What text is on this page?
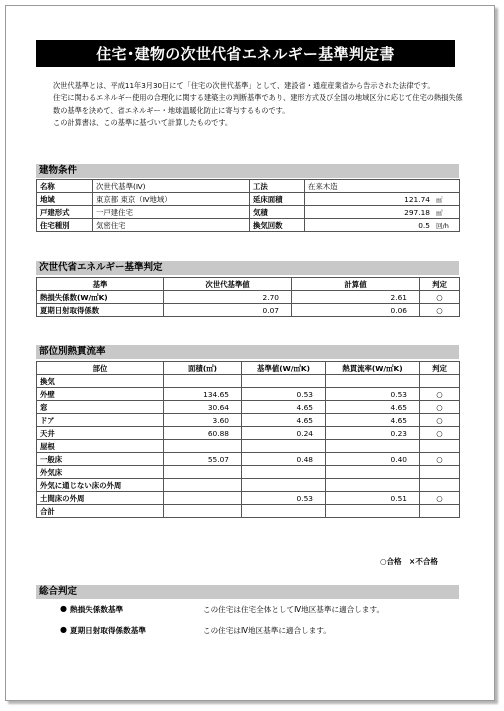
住宅･建物の次世代省エネルギー基準判定書
次世代基準とは、平成11年3月30日にて「住宅の次世代基準」として、建設省・通産産業省から告示された法律です。
住宅に関わるエネルギー使用の合理化に関する建築主の判断基準であり、建形方式及び全国の地域区分に応じて住宅の熱損失係数の基準を決めて、省エネルギー・地球温暖化防止に寄与するものです。
この計算書は、この基準に基づいて計算したものです。
建物条件
名称	次世代基準(Ⅳ)	工法	在来木造
地域	東京都 東京（Ⅳ地域）	延床面積	121.74 ㎡
戸建形式	一戸建住宅	気積	297.18 ㎥
住宅種別	気密住宅	換気回数	0.5 回/h
次世代省エネルギー基準判定
基準	次世代基準値	計算値	判定
熱損失係数(W/㎡K)	2.70	2.61	○
夏期日射取得係数	0.07	0.06	○
部位別熱貫流率
部位	面積(㎡)	基準値(W/㎡K)	熱貫流率(W/㎡K)	判定
換気				
外壁	134.65	0.53	0.53	○
窓	30.64	4.65	4.65	○
ドア	3.60	4.65	4.65	○
天井	60.88	0.24	0.23	○
屋根				
一般床	55.07	0.48	0.40	○
外気床				
外気に通じない床の外周				
土間床の外周		0.53	0.51	○
合計				
○合格　×不合格
総合判定
● 熱損失係数基準	この住宅は住宅全体としてⅣ地区基準に適合します。
● 夏期日射取得係数基準	この住宅はⅣ地区基準に適合します。
